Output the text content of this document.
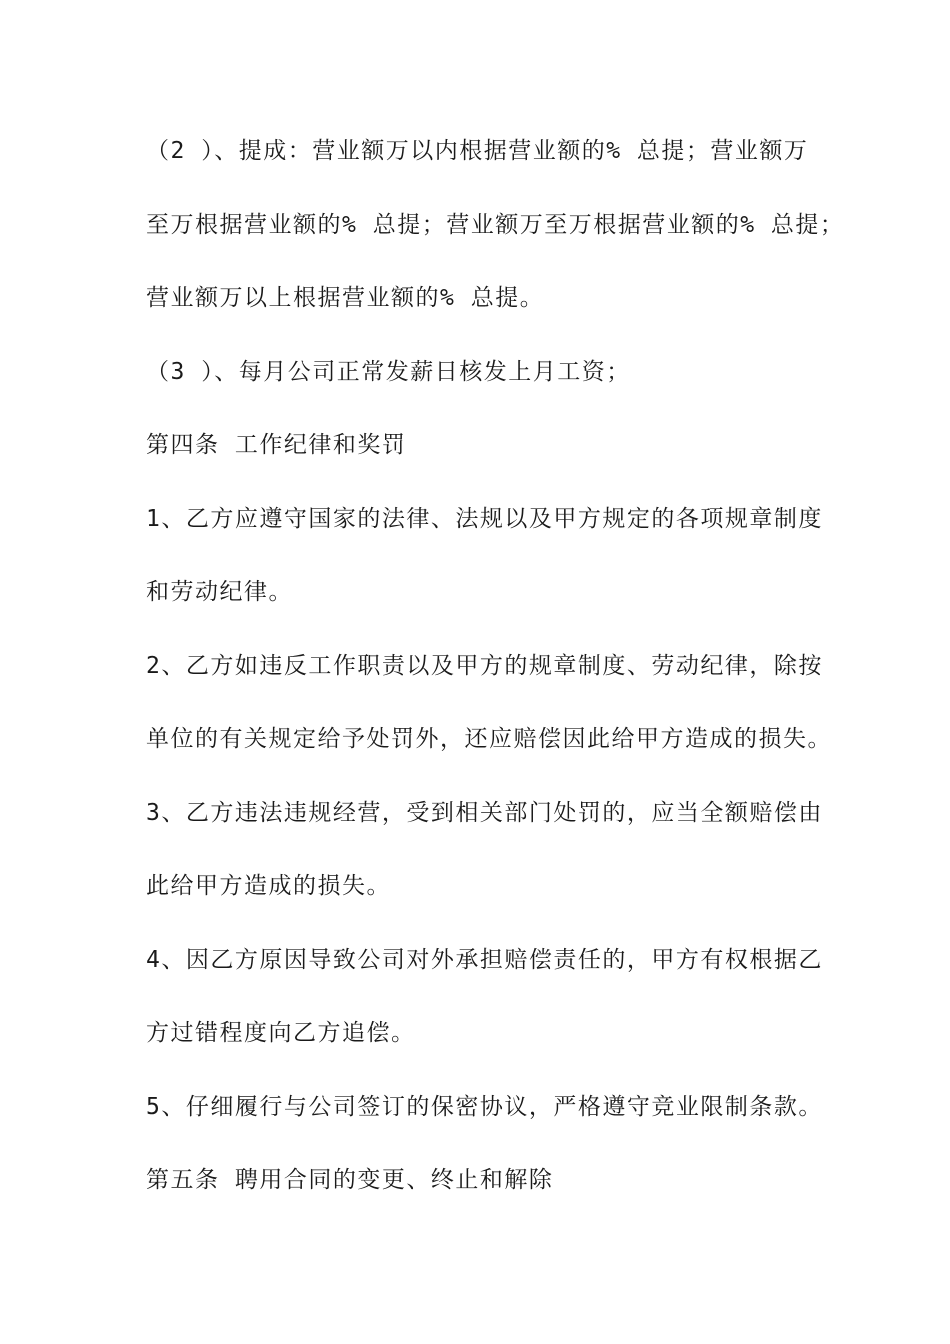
（2 ）、提成：营业额万以内根据营业额的% 总提；营业额万
至万根据营业额的% 总提；营业额万至万根据营业额的% 总提；
营业额万以上根据营业额的% 总提。
（3 ）、每月公司正常发薪日核发上月工资；
第四条 工作纪律和奖罚
1、乙方应遵守国家的法律、法规以及甲方规定的各项规章制度
和劳动纪律。
2、乙方如违反工作职责以及甲方的规章制度、劳动纪律，除按
单位的有关规定给予处罚外，还应赔偿因此给甲方造成的损失。
3、乙方违法违规经营，受到相关部门处罚的，应当全额赔偿由
此给甲方造成的损失。
4、因乙方原因导致公司对外承担赔偿责任的，甲方有权根据乙
方过错程度向乙方追偿。
5、仔细履行与公司签订的保密协议，严格遵守竞业限制条款。
第五条 聘用合同的变更、终止和解除
